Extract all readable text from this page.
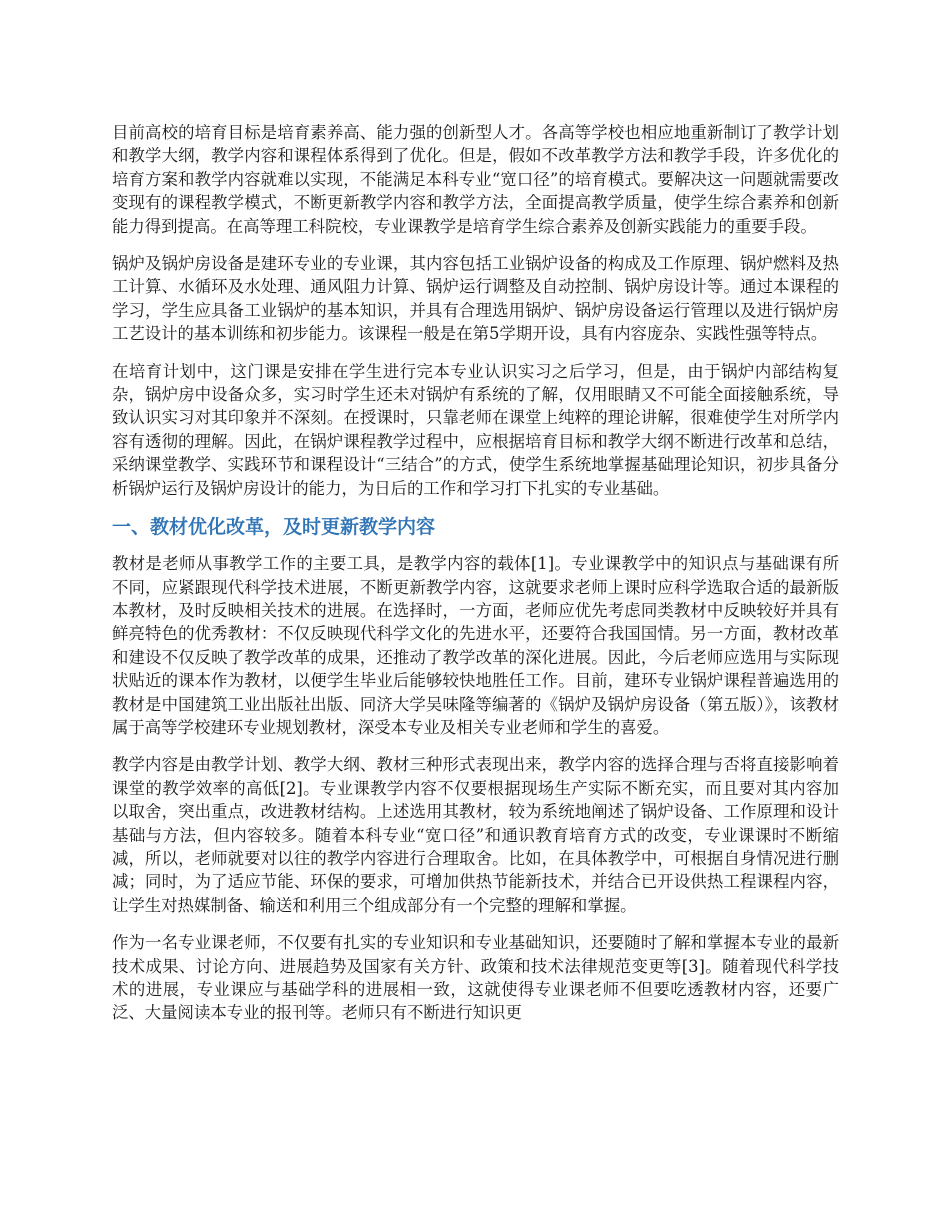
目前高校的培育目标是培育素养高、能力强的创新型人才。各高等学校也相应地重新制订了教学计划和教学大纲，教学内容和课程体系得到了优化。但是，假如不改革教学方法和教学手段，许多优化的培育方案和教学内容就难以实现，不能满足本科专业“宽口径”的培育模式。要解决这一问题就需要改变现有的课程教学模式，不断更新教学内容和教学方法，全面提高教学质量，使学生综合素养和创新能力得到提高。在高等理工科院校，专业课教学是培育学生综合素养及创新实践能力的重要手段。

锅炉及锅炉房设备是建环专业的专业课，其内容包括工业锅炉设备的构成及工作原理、锅炉燃料及热工计算、水循环及水处理、通风阻力计算、锅炉运行调整及自动控制、锅炉房设计等。通过本课程的学习，学生应具备工业锅炉的基本知识，并具有合理选用锅炉、锅炉房设备运行管理以及进行锅炉房工艺设计的基本训练和初步能力。该课程一般是在第5学期开设，具有内容庞杂、实践性强等特点。

在培育计划中，这门课是安排在学生进行完本专业认识实习之后学习，但是，由于锅炉内部结构复杂，锅炉房中设备众多，实习时学生还未对锅炉有系统的了解，仅用眼睛又不可能全面接触系统，导致认识实习对其印象并不深刻。在授课时，只靠老师在课堂上纯粹的理论讲解，很难使学生对所学内容有透彻的理解。因此，在锅炉课程教学过程中，应根据培育目标和教学大纲不断进行改革和总结，采纳课堂教学、实践环节和课程设计“三结合”的方式，使学生系统地掌握基础理论知识，初步具备分析锅炉运行及锅炉房设计的能力，为日后的工作和学习打下扎实的专业基础。

一、教材优化改革，及时更新教学内容

教材是老师从事教学工作的主要工具，是教学内容的载体[1]。专业课教学中的知识点与基础课有所不同，应紧跟现代科学技术进展，不断更新教学内容，这就要求老师上课时应科学选取合适的最新版本教材，及时反映相关技术的进展。在选择时，一方面，老师应优先考虑同类教材中反映较好并具有鲜亮特色的优秀教材：不仅反映现代科学文化的先进水平，还要符合我国国情。另一方面，教材改革和建设不仅反映了教学改革的成果，还推动了教学改革的深化进展。因此，今后老师应选用与实际现状贴近的课本作为教材，以便学生毕业后能够较快地胜任工作。目前，建环专业锅炉课程普遍选用的教材是中国建筑工业出版社出版、同济大学吴味隆等编著的《锅炉及锅炉房设备（第五版）》，该教材属于高等学校建环专业规划教材，深受本专业及相关专业老师和学生的喜爱。

教学内容是由教学计划、教学大纲、教材三种形式表现出来，教学内容的选择合理与否将直接影响着课堂的教学效率的高低[2]。专业课教学内容不仅要根据现场生产实际不断充实，而且要对其内容加以取舍，突出重点，改进教材结构。上述选用其教材，较为系统地阐述了锅炉设备、工作原理和设计基础与方法，但内容较多。随着本科专业“宽口径”和通识教育培育方式的改变，专业课课时不断缩减，所以，老师就要对以往的教学内容进行合理取舍。比如，在具体教学中，可根据自身情况进行删减；同时，为了适应节能、环保的要求，可增加供热节能新技术，并结合已开设供热工程课程内容，让学生对热媒制备、输送和利用三个组成部分有一个完整的理解和掌握。

作为一名专业课老师，不仅要有扎实的专业知识和专业基础知识，还要随时了解和掌握本专业的最新技术成果、讨论方向、进展趋势及国家有关方针、政策和技术法律规范变更等[3]。随着现代科学技术的进展，专业课应与基础学科的进展相一致，这就使得专业课老师不但要吃透教材内容，还要广泛、大量阅读本专业的报刊等。老师只有不断进行知识更
